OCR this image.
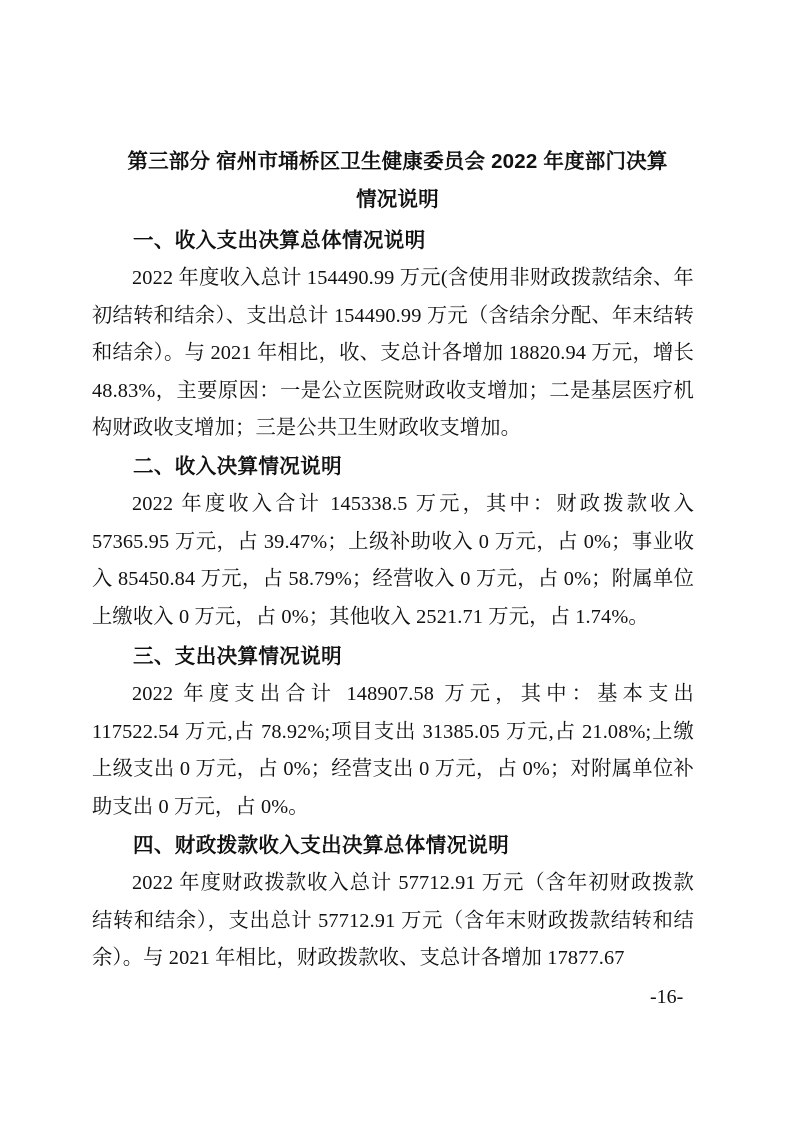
第三部分 宿州市埇桥区卫生健康委员会 2022 年度部门决算
情况说明
一、收入支出决算总体情况说明

2022 年度收入总计 154490.99 万元(含使用非财政拨款结余、年初结转和结余）、支出总计 154490.99 万元（含结余分配、年末结转和结余）。与 2021 年相比，收、支总计各增加 18820.94 万元，增长 48.83%，主要原因：一是公立医院财政收支增加；二是基层医疗机构财政收支增加；三是公共卫生财政收支增加。

二、收入决算情况说明

2022 年度收入合计 145338.5 万元，其中：财政拨款收入 57365.95 万元，占 39.47%；上级补助收入 0 万元，占 0%；事业收入 85450.84 万元，占 58.79%；经营收入 0 万元，占 0%；附属单位上缴收入 0 万元，占 0%；其他收入 2521.71 万元，占 1.74%。

三、支出决算情况说明

2022 年度支出合计 148907.58 万元，其中：基本支出 117522.54 万元,占 78.92%;项目支出 31385.05 万元,占 21.08%;上缴上级支出 0 万元，占 0%；经营支出 0 万元，占 0%；对附属单位补助支出 0 万元，占 0%。

四、财政拨款收入支出决算总体情况说明

2022 年度财政拨款收入总计 57712.91 万元（含年初财政拨款结转和结余），支出总计 57712.91 万元（含年末财政拨款结转和结余）。与 2021 年相比，财政拨款收、支总计各增加 17877.67

-16-
